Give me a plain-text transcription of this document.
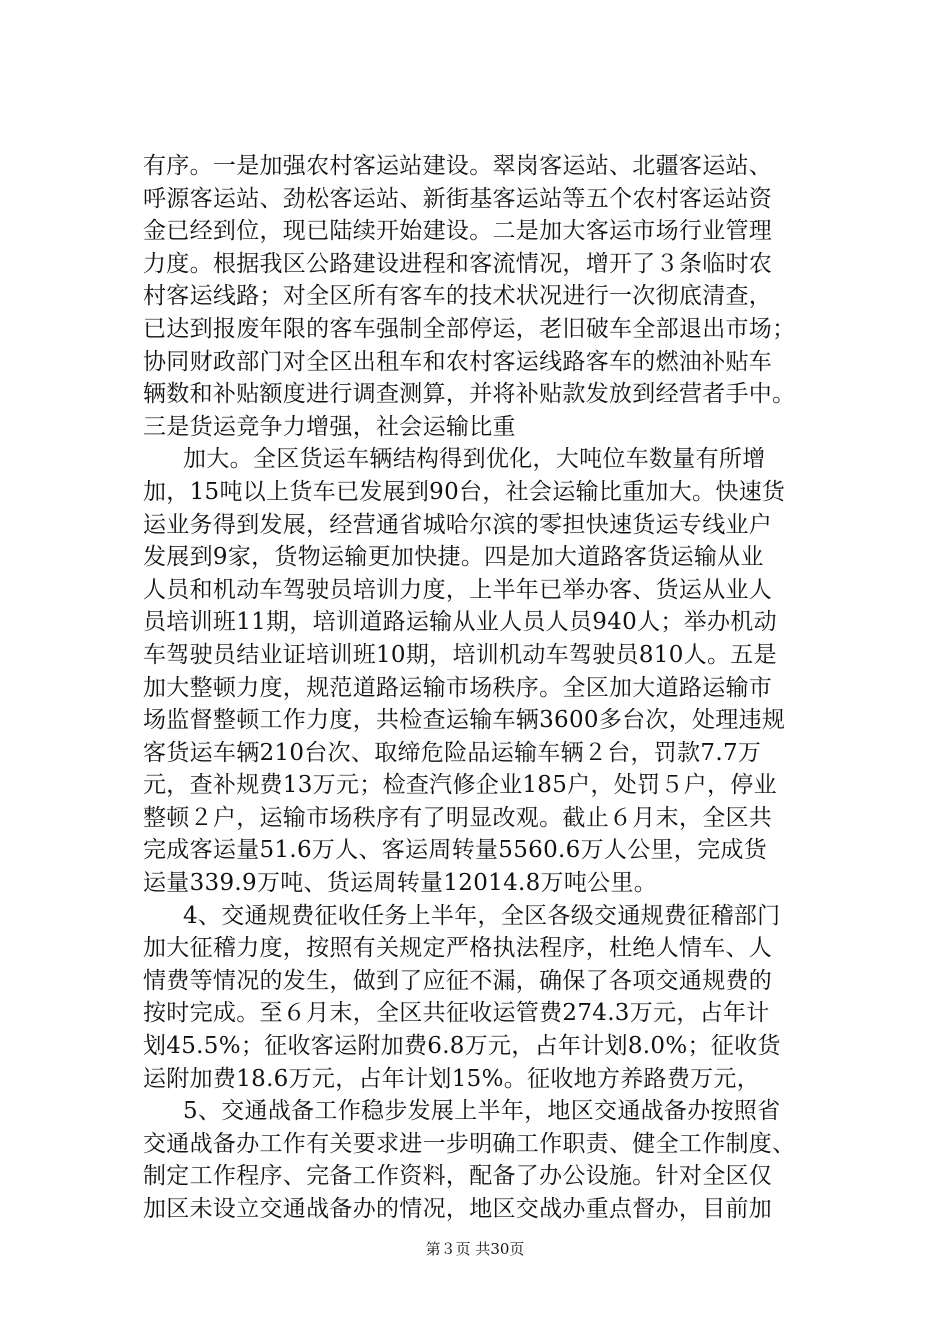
有序。一是加强农村客运站建设。翠岗客运站、北疆客运站、
呼源客运站、劲松客运站、新街基客运站等五个农村客运站资
金已经到位，现已陆续开始建设。二是加大客运市场行业管理
力度。根据我区公路建设进程和客流情况，增开了３条临时农
村客运线路；对全区所有客车的技术状况进行一次彻底清查，
已达到报废年限的客车强制全部停运，老旧破车全部退出市场；
协同财政部门对全区出租车和农村客运线路客车的燃油补贴车
辆数和补贴额度进行调查测算，并将补贴款发放到经营者手中。
三是货运竞争力增强，社会运输比重
加大。全区货运车辆结构得到优化，大吨位车数量有所增
加，15吨以上货车已发展到90台，社会运输比重加大。快速货
运业务得到发展，经营通省城哈尔滨的零担快速货运专线业户
发展到9家，货物运输更加快捷。四是加大道路客货运输从业
人员和机动车驾驶员培训力度，上半年已举办客、货运从业人
员培训班11期，培训道路运输从业人员人员940人；举办机动
车驾驶员结业证培训班10期，培训机动车驾驶员810人。五是
加大整顿力度，规范道路运输市场秩序。全区加大道路运输市
场监督整顿工作力度，共检查运输车辆3600多台次，处理违规
客货运车辆210台次、取缔危险品运输车辆２台，罚款7.7万
元，查补规费13万元；检查汽修企业185户，处罚５户，停业
整顿２户，运输市场秩序有了明显改观。截止６月末，全区共
完成客运量51.6万人、客运周转量5560.6万人公里，完成货
运量339.9万吨、货运周转量12014.8万吨公里。
4、交通规费征收任务上半年，全区各级交通规费征稽部门
加大征稽力度，按照有关规定严格执法程序，杜绝人情车、人
情费等情况的发生，做到了应征不漏，确保了各项交通规费的
按时完成。至６月末，全区共征收运管费274.3万元，占年计
划45.5%；征收客运附加费6.8万元，占年计划8.0%；征收货
运附加费18.6万元，占年计划15%。征收地方养路费万元，
5、交通战备工作稳步发展上半年，地区交通战备办按照省
交通战备办工作有关要求进一步明确工作职责、健全工作制度、
制定工作程序、完备工作资料，配备了办公设施。针对全区仅
加区未设立交通战备办的情况，地区交战办重点督办，目前加
第３页 共30页
